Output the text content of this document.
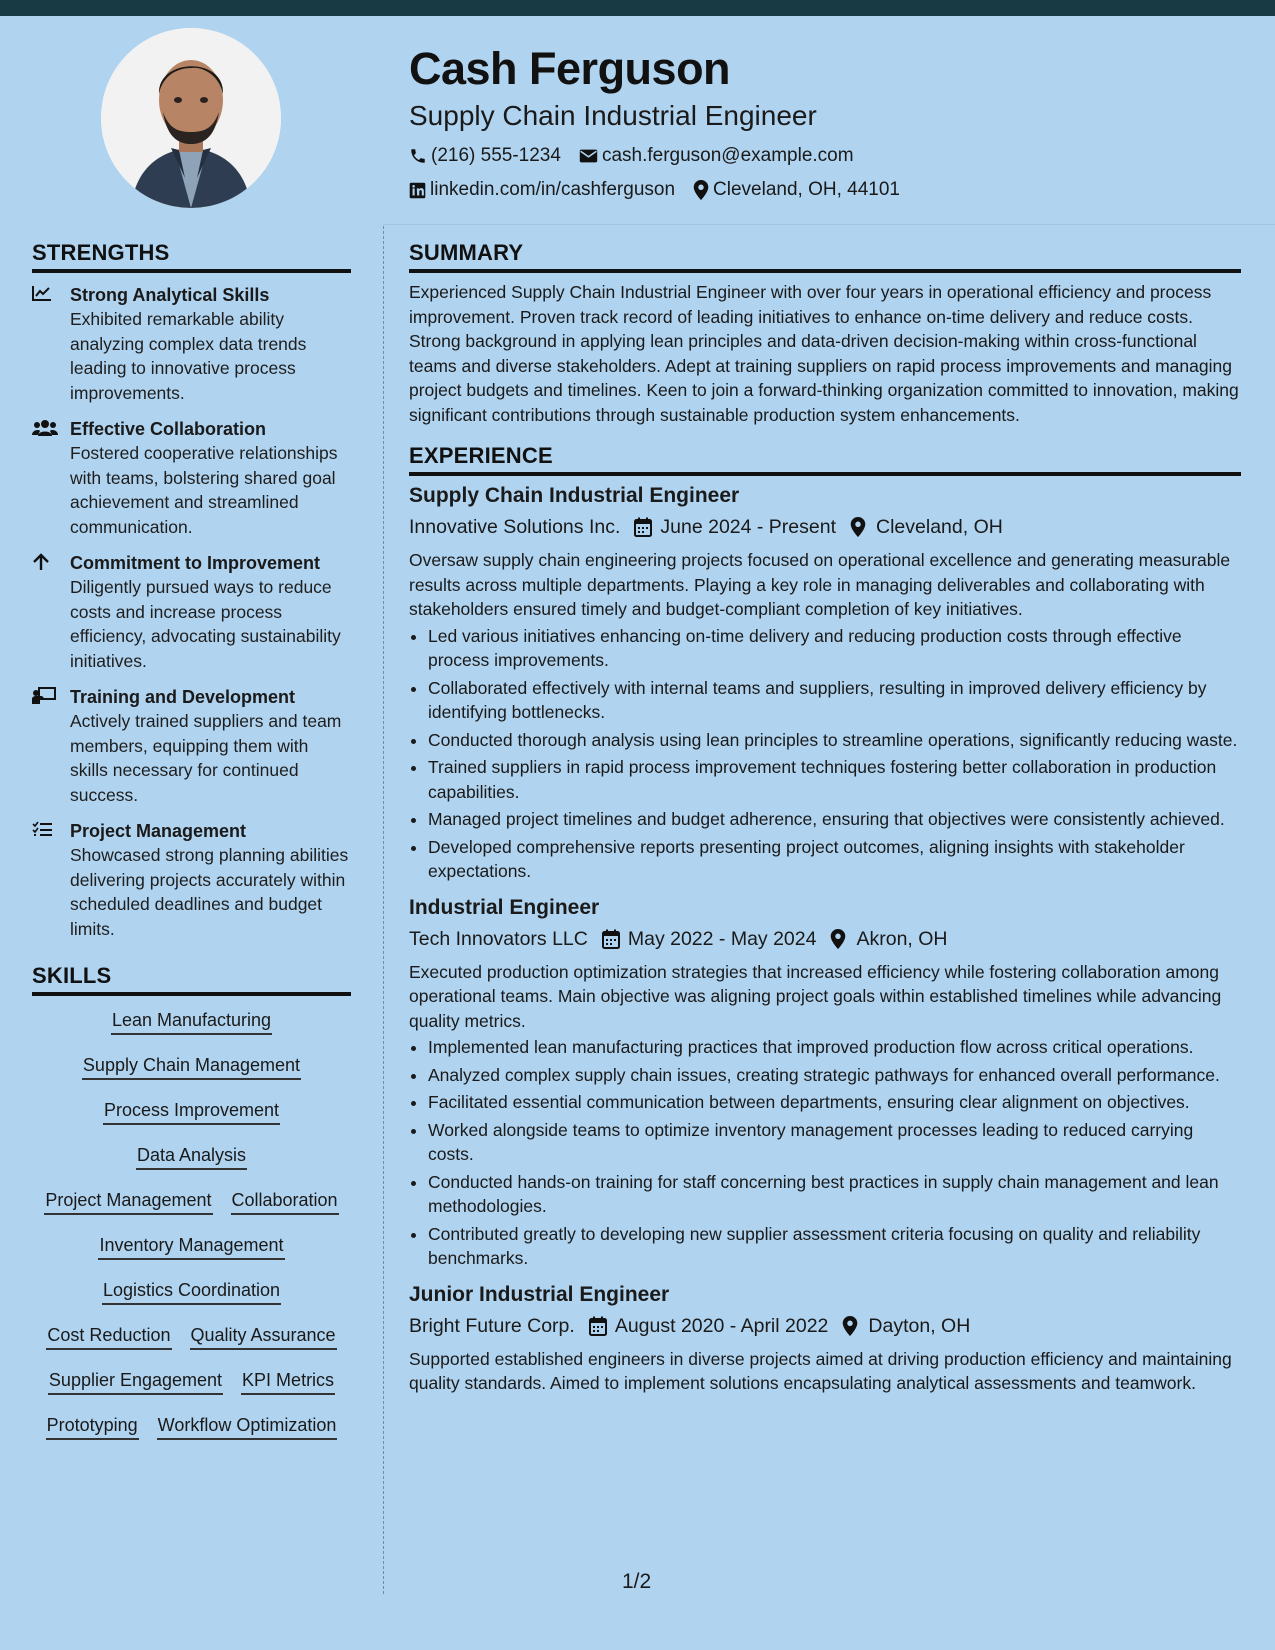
Cash Ferguson

Supply Chain Industrial Engineer

(216) 555-1234 cash.ferguson@example.com
linkedin.com/in/cashferguson Cleveland, OH, 44101
STRENGTHS

Strong Analytical Skills

Exhibited remarkable ability analyzing complex data trends leading to innovative process improvements.

Effective Collaboration

Fostered cooperative relationships with teams, bolstering shared goal achievement and streamlined communication.

Commitment to Improvement

Diligently pursued ways to reduce costs and increase process efficiency, advocating sustainability initiatives.

Training and Development

Actively trained suppliers and team members, equipping them with skills necessary for continued success.

Project Management

Showcased strong planning abilities delivering projects accurately within scheduled deadlines and budget limits.

SKILLS
Lean Manufacturing
Supply Chain Management
Process Improvement
Data Analysis
Project Management Collaboration
Inventory Management
Logistics Coordination
Cost Reduction Quality Assurance
Supplier Engagement KPI Metrics
Prototyping Workflow Optimization
SUMMARY

Experienced Supply Chain Industrial Engineer with over four years in operational efficiency and process improvement. Proven track record of leading initiatives to enhance on-time delivery and reduce costs. Strong background in applying lean principles and data-driven decision-making within cross-functional teams and diverse stakeholders. Adept at training suppliers on rapid process improvements and managing project budgets and timelines. Keen to join a forward-thinking organization committed to innovation, making significant contributions through sustainable production system enhancements.

EXPERIENCE

Supply Chain Industrial Engineer

Innovative Solutions Inc. June 2024 - Present Cleveland, OH

Oversaw supply chain engineering projects focused on operational excellence and generating measurable results across multiple departments. Playing a key role in managing deliverables and collaborating with stakeholders ensured timely and budget-compliant completion of key initiatives.

• Led various initiatives enhancing on-time delivery and reducing production costs through effective process improvements.
• Collaborated effectively with internal teams and suppliers, resulting in improved delivery efficiency by identifying bottlenecks.
• Conducted thorough analysis using lean principles to streamline operations, significantly reducing waste.
• Trained suppliers in rapid process improvement techniques fostering better collaboration in production capabilities.
• Managed project timelines and budget adherence, ensuring that objectives were consistently achieved.
• Developed comprehensive reports presenting project outcomes, aligning insights with stakeholder expectations.

Industrial Engineer

Tech Innovators LLC May 2022 - May 2024 Akron, OH

Executed production optimization strategies that increased efficiency while fostering collaboration among operational teams. Main objective was aligning project goals within established timelines while advancing quality metrics.

• Implemented lean manufacturing practices that improved production flow across critical operations.
• Analyzed complex supply chain issues, creating strategic pathways for enhanced overall performance.
• Facilitated essential communication between departments, ensuring clear alignment on objectives.
• Worked alongside teams to optimize inventory management processes leading to reduced carrying costs.
• Conducted hands-on training for staff concerning best practices in supply chain management and lean methodologies.
• Contributed greatly to developing new supplier assessment criteria focusing on quality and reliability benchmarks.

Junior Industrial Engineer

Bright Future Corp. August 2020 - April 2022 Dayton, OH

Supported established engineers in diverse projects aimed at driving production efficiency and maintaining quality standards. Aimed to implement solutions encapsulating analytical assessments and teamwork.

1/2
